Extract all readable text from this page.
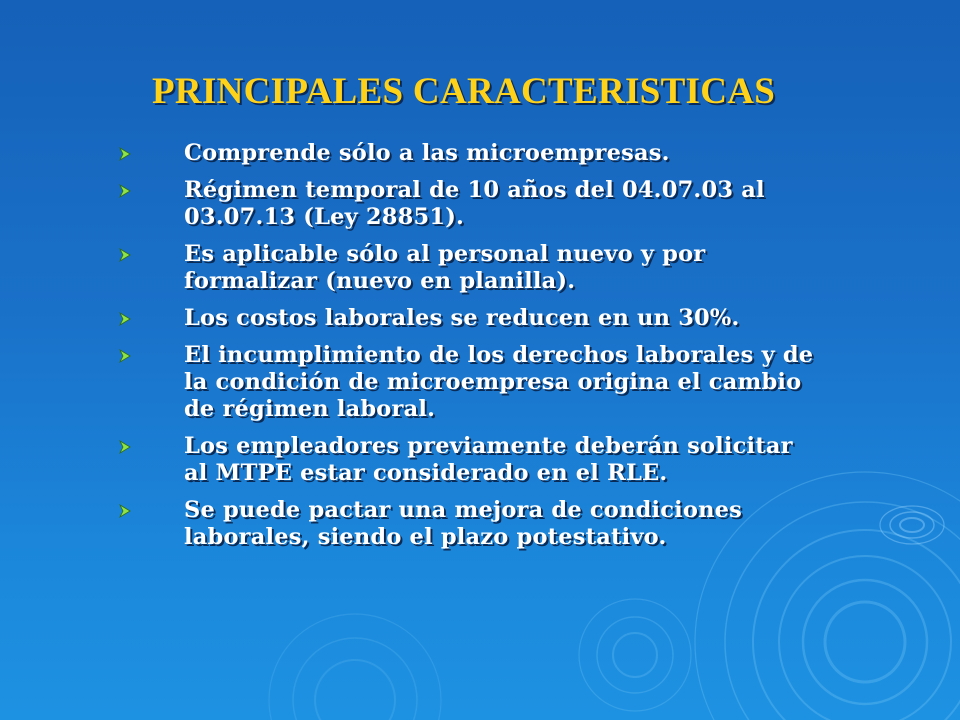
PRINCIPALES CARACTERISTICAS
Comprende sólo a las microempresas.
Régimen temporal de 10 años del 04.07.03 al
03.07.13 (Ley 28851).
Es aplicable sólo al personal nuevo y por
formalizar (nuevo en planilla).
Los costos laborales se reducen en un 30%.
El incumplimiento de los derechos laborales y de
la condición de microempresa origina el cambio
de régimen laboral.
Los empleadores previamente deberán solicitar
al MTPE estar considerado en el RLE.
Se puede pactar una mejora de condiciones
laborales, siendo el plazo potestativo.
